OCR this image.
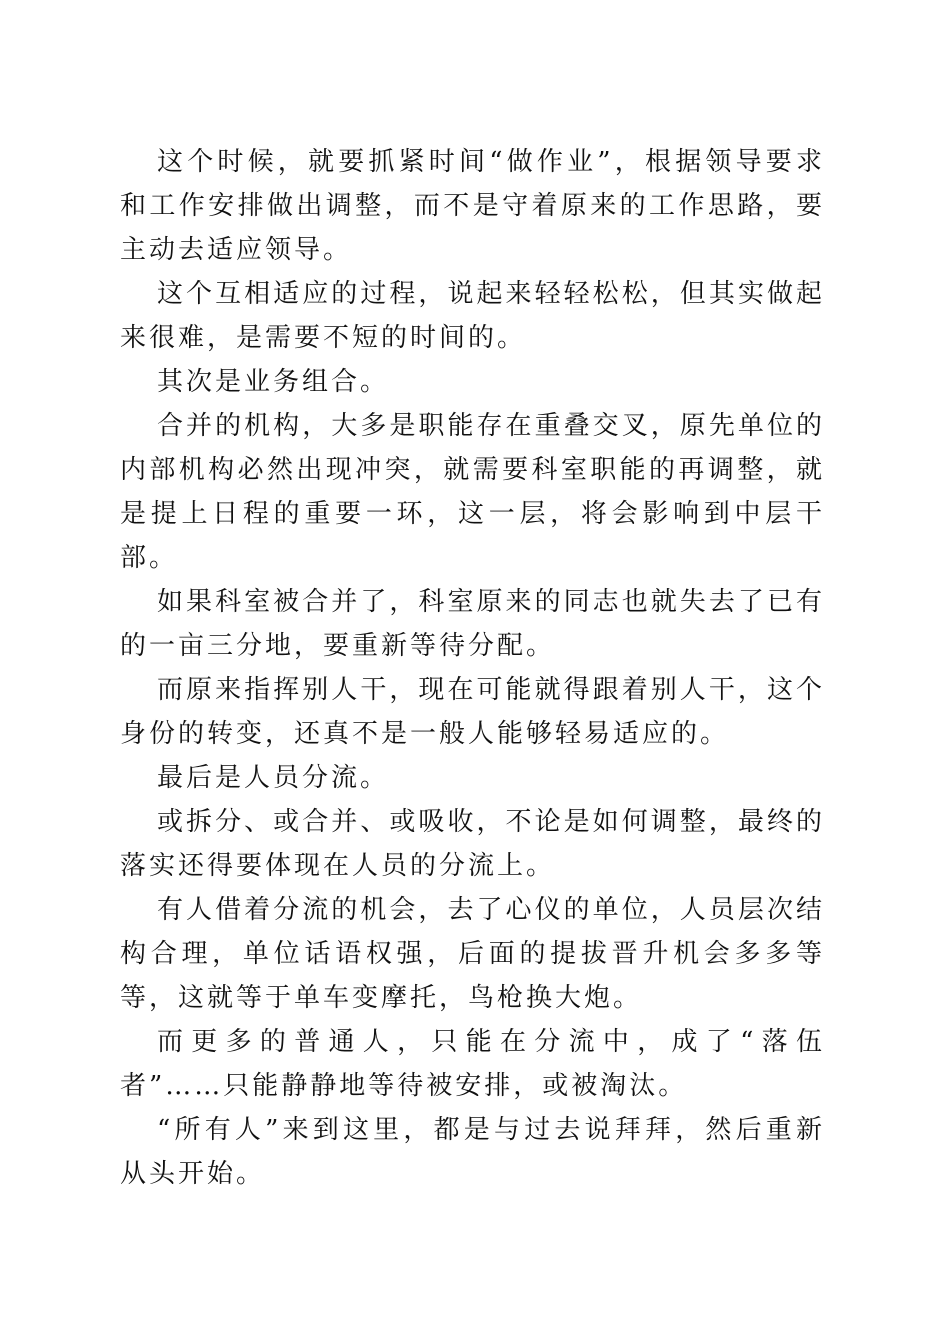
这个时候，就要抓紧时间“做作业”，根据领导要求和工作安排做出调整，而不是守着原来的工作思路，要主动去适应领导。

这个互相适应的过程，说起来轻轻松松，但其实做起来很难，是需要不短的时间的。

其次是业务组合。

合并的机构，大多是职能存在重叠交叉，原先单位的内部机构必然出现冲突，就需要科室职能的再调整，就是提上日程的重要一环，这一层，将会影响到中层干部。

如果科室被合并了，科室原来的同志也就失去了已有的一亩三分地，要重新等待分配。

而原来指挥别人干，现在可能就得跟着别人干，这个身份的转变，还真不是一般人能够轻易适应的。

最后是人员分流。

或拆分、或合并、或吸收，不论是如何调整，最终的落实还得要体现在人员的分流上。

有人借着分流的机会，去了心仪的单位，人员层次结构合理，单位话语权强，后面的提拔晋升机会多多等等，这就等于单车变摩托，鸟枪换大炮。

而更多的普通人，只能在分流中，成了“落伍者”……只能静静地等待被安排，或被淘汰。

“所有人”来到这里，都是与过去说拜拜，然后重新从头开始。
